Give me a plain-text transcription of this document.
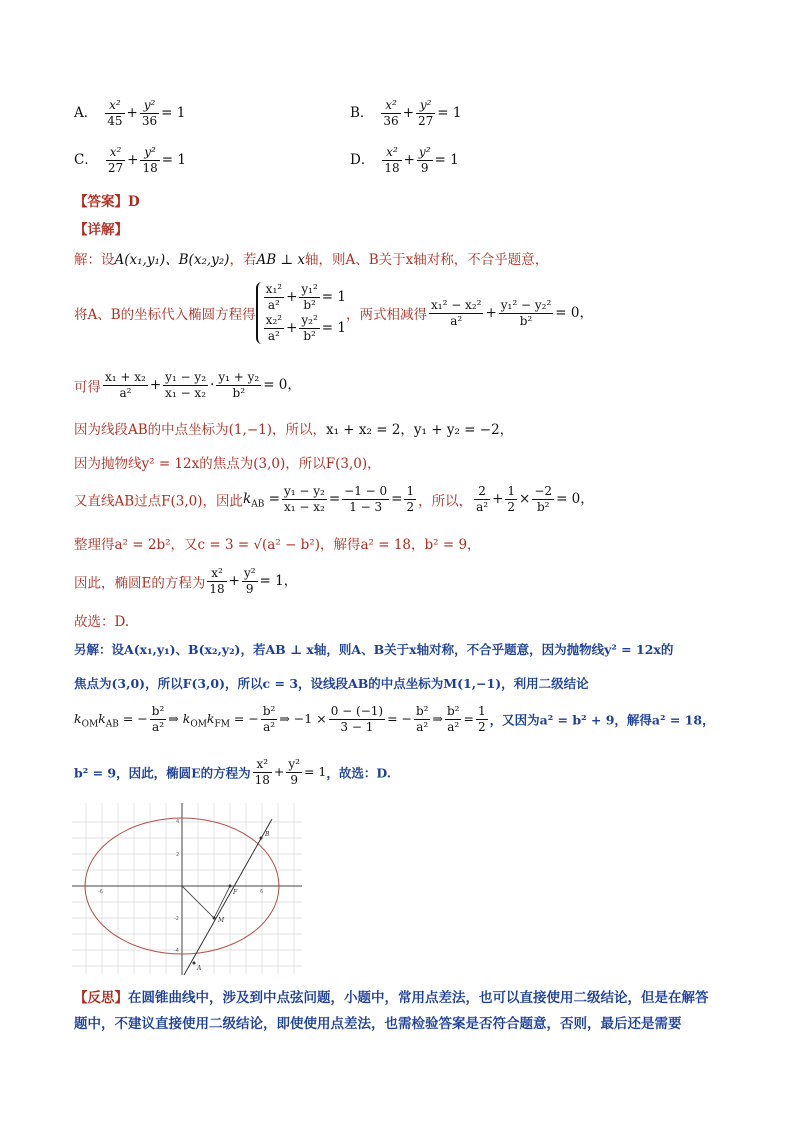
A． $\frac{\text{x²}}{45} + \frac{\text{y²}}{36} = 1$	B． $\frac{\text{x²}}{36} + \frac{\text{y²}}{27} = 1$
C． $\frac{\text{x²}}{27} + \frac{\text{y²}}{18} = 1$	D． $\frac{\text{x²}}{18} + \frac{\text{y²}}{9} = 1$
【答案】D
【详解】
解：设A(x₁,y₁)、B(x₂,y₂)，若AB ⊥ x轴，则A、B关于x轴对称，不合乎题意，
将A、B的坐标代入椭圆方程得
$\frac{\text{x₁²}}{\text{a²}} + \frac{\text{y₁²}}{\text{b²}} = 1$
$\frac{\text{x₂²}}{\text{a²}} + \frac{\text{y₂²}}{\text{b²}} = 1$
，两式相减得 $\frac{\text{x₁² − x₂²}}{\text{a²}} + \frac{\text{y₁² − y₂²}}{\text{b²}} = 0$，
可得 $\frac{\text{x₁ + x₂}}{\text{a²}} + \frac{\text{y₁ − y₂}}{\text{x₁ − x₂}} \cdot \frac{\text{y₁ + y₂}}{\text{b²}} = 0$，
因为线段AB的中点坐标为(1,−1)，所以，x₁ + x₂ = 2，y₁ + y₂ = −2，
因为抛物线y² = 12x的焦点为(3,0)，所以F(3,0)，
又直线AB过点F(3,0)，因此$k_{AB} = \frac{\text{y₁ − y₂}}{\text{x₁ − x₂}} = \frac{-1 - 0}{1 - 3} = \frac{1}{2}$ ，所以， $\frac{2}{\text{a²}} + \frac{1}{2} \times \frac{-2}{\text{b²}} = 0$，
整理得a² = 2b²，又c = 3 = √(a² − b²)，解得a² = 18，b² = 9，
因此，椭圆E的方程为 $\frac{\text{x²}}{18} + \frac{\text{y²}}{9} = 1$，
故选：D.
另解：设A(x₁,y₁)、B(x₂,y₂)，若AB ⊥ x轴，则A、B关于x轴对称，不合乎题意，因为抛物线y² = 12x的
焦点为(3,0)，所以F(3,0)，所以c = 3，设线段AB的中点坐标为M(1,−1)，利用二级结论
$k_{OM}k_{AB}$ = − $\frac{\text{b²}}{\text{a²}}$ ⇒ $k_{OM}k_{FM}$ = − $\frac{\text{b²}}{\text{a²}}$ ⇒ $-1 \times \frac{0 - (-1)}{3 - 1}$ = − $\frac{\text{b²}}{\text{a²}}$ ⇒ $\frac{\text{b²}}{\text{a²}} = \frac{1}{2}$ ，又因为a² = b² + 9，解得a² = 18，
b² = 9，因此，椭圆E的方程为 $\frac{\text{x²}}{18} + \frac{\text{y²}}{9} = 1$，故选：D.
-6	6
4
2
-2
-4
B
F
M
A
【反思】在圆锥曲线中，涉及到中点弦问题，小题中，常用点差法，也可以直接使用二级结论，但是在解答题中，不建议直接使用二级结论，即使使用点差法，也需检验答案是否符合题意，否则，最后还是需要
